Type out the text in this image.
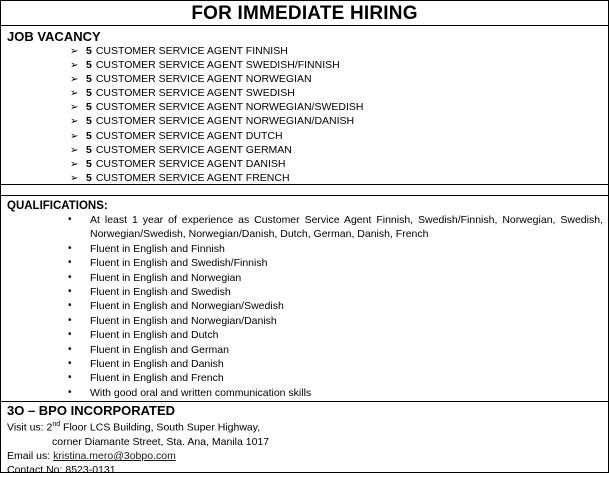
FOR IMMEDIATE HIRING
JOB VACANCY
➢ 5 CUSTOMER SERVICE AGENT FINNISH
➢ 5 CUSTOMER SERVICE AGENT SWEDISH/FINNISH
➢ 5 CUSTOMER SERVICE AGENT NORWEGIAN
➢ 5 CUSTOMER SERVICE AGENT SWEDISH
➢ 5 CUSTOMER SERVICE AGENT NORWEGIAN/SWEDISH
➢ 5 CUSTOMER SERVICE AGENT NORWEGIAN/DANISH
➢ 5 CUSTOMER SERVICE AGENT DUTCH
➢ 5 CUSTOMER SERVICE AGENT GERMAN
➢ 5 CUSTOMER SERVICE AGENT DANISH
➢ 5 CUSTOMER SERVICE AGENT FRENCH
QUALIFICATIONS:
• At least 1 year of experience as Customer Service Agent Finnish, Swedish/Finnish, Norwegian, Swedish, Norwegian/Swedish, Norwegian/Danish, Dutch, German, Danish, French
• Fluent in English and Finnish
• Fluent in English and Swedish/Finnish
• Fluent in English and Norwegian
• Fluent in English and Swedish
• Fluent in English and Norwegian/Swedish
• Fluent in English and Norwegian/Danish
• Fluent in English and Dutch
• Fluent in English and German
• Fluent in English and Danish
• Fluent in English and French
• With good oral and written communication skills
3O – BPO INCORPORATED
Visit us: 2nd Floor LCS Building, South Super Highway,
corner Diamante Street, Sta. Ana, Manila 1017
Email us: kristina.mero@3obpo.com
Contact No: 8523-0131
